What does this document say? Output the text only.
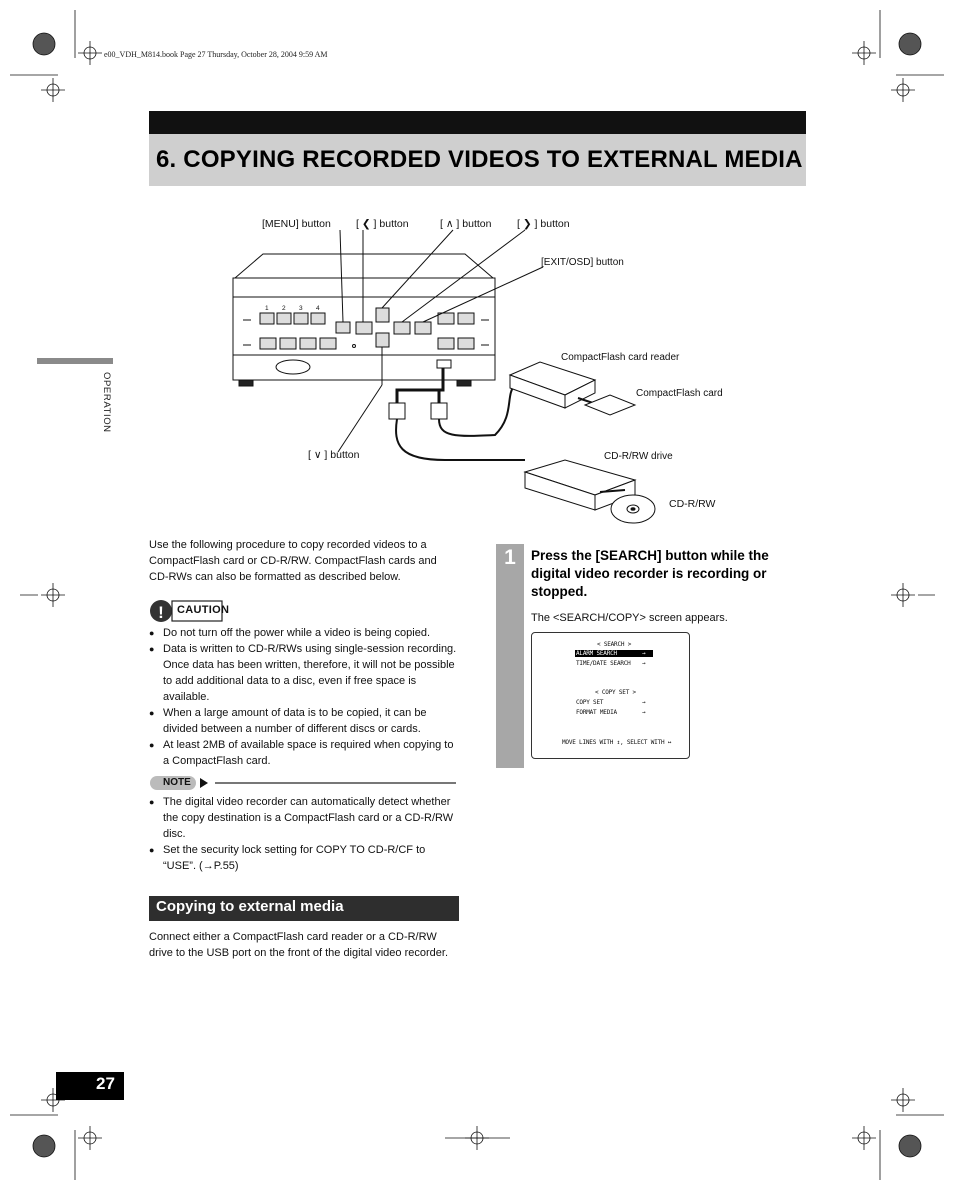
e00_VDH_M814.book Page 27 Thursday, October 28, 2004 9:59 AM
6. COPYING RECORDED VIDEOS TO EXTERNAL MEDIA
OPERATION
1 2 3 4
[MENU] button [ ❮ ] button	[ ∧ ] button [ ❯ ] button
[EXIT/OSD] button
CompactFlash card reader
CompactFlash card
[ ∨ ] button	CD-R/RW drive
CD-R/RW
Use the following procedure to copy recorded videos to a CompactFlash card or CD-R/RW. CompactFlash cards and CD-RWs can also be formatted as described below.
! CAUTION
● Do not turn off the power while a video is being copied.
● Data is written to CD-R/RWs using single-session recording. Once data has been written, therefore, it will not be possible to add additional data to a disc, even if free space is available.
● When a large amount of data is to be copied, it can be divided between a number of different discs or cards.
● At least 2MB of available space is required when copying to a CompactFlash card.
NOTE
● The digital video recorder can automatically detect whether the copy destination is a CompactFlash card or a CD-R/RW disc.
● Set the security lock setting for COPY TO CD-R/CF to “USE”. (→P.55)
Copying to external media
Connect either a CompactFlash card reader or a CD-R/RW drive to the USB port on the front of the digital video recorder.
1	Press the [SEARCH] button while the digital video recorder is recording or stopped.
The <SEARCH/COPY> screen appears.
< SEARCH >
ALARM SEARCH	→
TIME/DATE SEARCH →
< COPY SET >
COPY SET	→
FORMAT MEDIA	→
MOVE LINES WITH ↕, SELECT WITH ↔
27
